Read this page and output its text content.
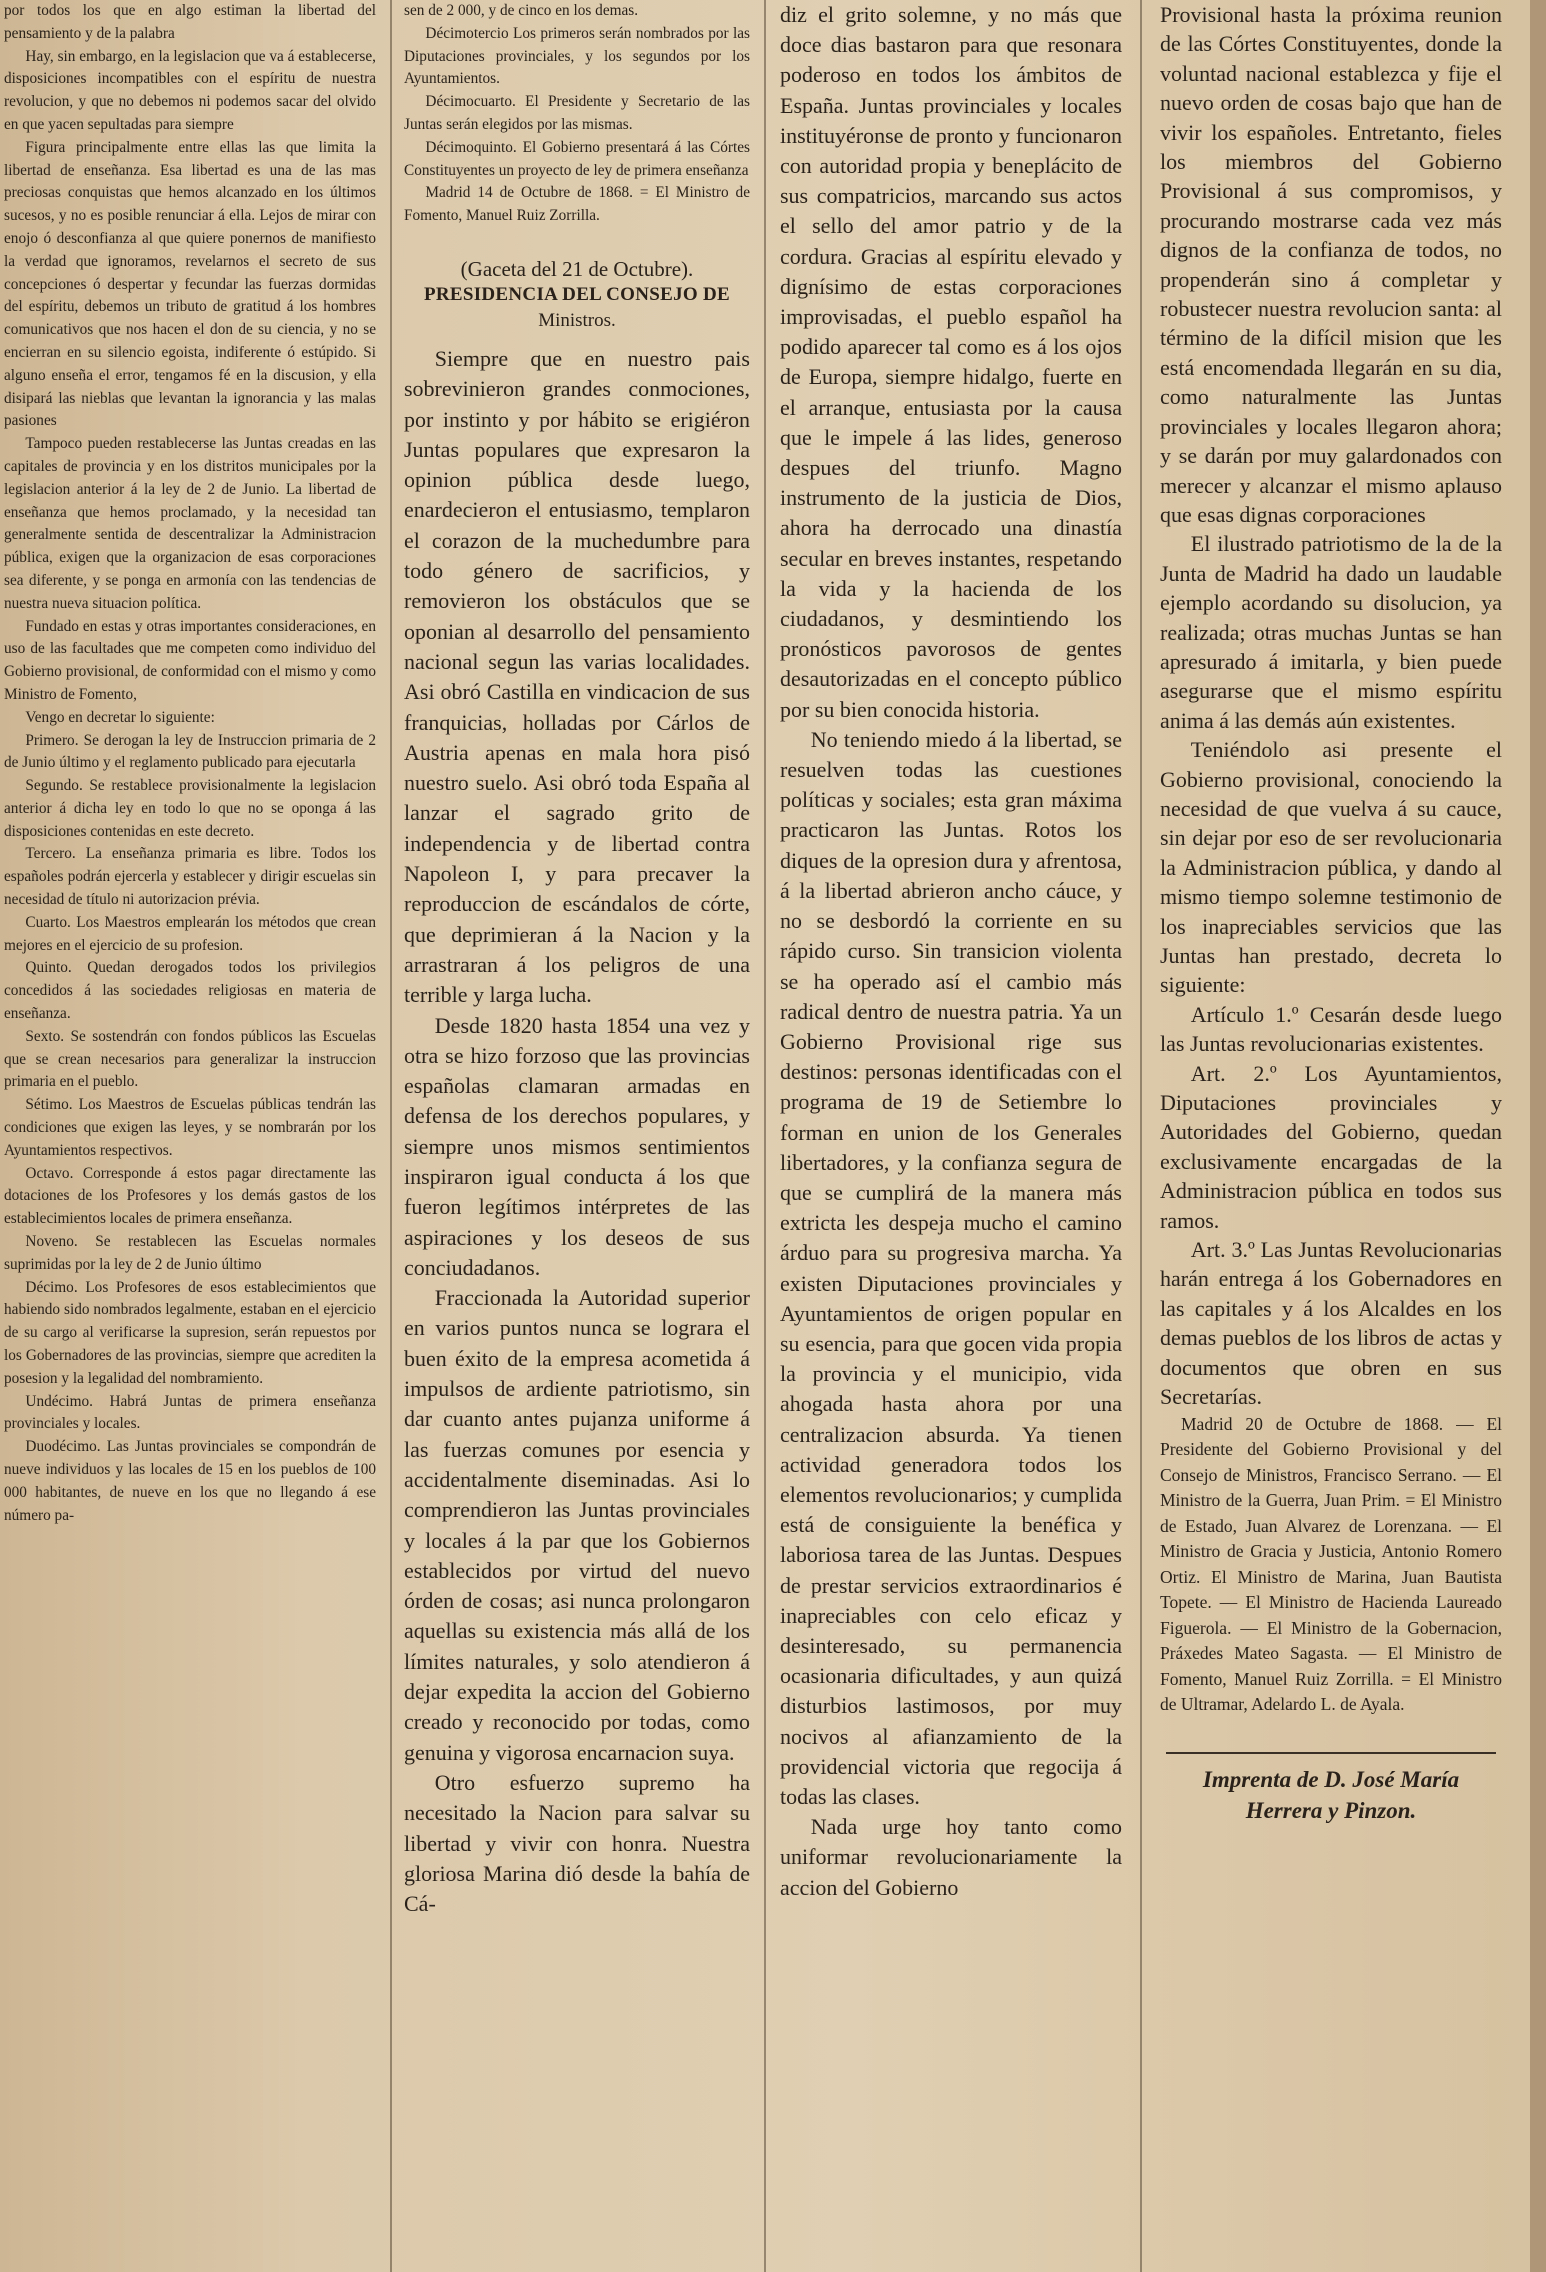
por todos los que en algo estiman la libertad del pensamiento y de la palabra

Hay, sin embargo, en la legislacion que va á establecerse, disposiciones incompatibles con el espíritu de nuestra revolucion, y que no debemos ni podemos sacar del olvido en que yacen sepultadas para siempre

Figura principalmente entre ellas las que limita la libertad de enseñanza. Esa libertad es una de las mas preciosas conquistas que hemos alcanzado en los últimos sucesos, y no es posible renunciar á ella. Lejos de mirar con enojo ó desconfianza al que quiere ponernos de manifiesto la verdad que ignoramos, revelarnos el secreto de sus concepciones ó despertar y fecundar las fuerzas dormidas del espíritu, debemos un tributo de gratitud á los hombres comunicativos que nos hacen el don de su ciencia, y no se encierran en su silencio egoista, indiferente ó estúpido. Si alguno enseña el error, tengamos fé en la discusion, y ella disipará las nieblas que levantan la ignorancia y las malas pasiones

Tampoco pueden restablecerse las Juntas creadas en las capitales de provincia y en los distritos municipales por la legislacion anterior á la ley de 2 de Junio. La libertad de enseñanza que hemos proclamado, y la necesidad tan generalmente sentida de descentralizar la Administracion pública, exigen que la organizacion de esas corporaciones sea diferente, y se ponga en armonía con las tendencias de nuestra nueva situacion política.

Fundado en estas y otras importantes consideraciones, en uso de las facultades que me competen como individuo del Gobierno provisional, de conformidad con el mismo y como Ministro de Fomento,

Vengo en decretar lo siguiente:

Primero. Se derogan la ley de Instruccion primaria de 2 de Junio último y el reglamento publicado para ejecutarla

Segundo. Se restablece provisionalmente la legislacion anterior á dicha ley en todo lo que no se oponga á las disposiciones contenidas en este decreto.

Tercero. La enseñanza primaria es libre. Todos los españoles podrán ejercerla y establecer y dirigir escuelas sin necesidad de título ni autorizacion prévia.

Cuarto. Los Maestros emplearán los métodos que crean mejores en el ejercicio de su profesion.

Quinto. Quedan derogados todos los privilegios concedidos á las sociedades religiosas en materia de enseñanza.

Sexto. Se sostendrán con fondos públicos las Escuelas que se crean necesarios para generalizar la instruccion primaria en el pueblo.

Sétimo. Los Maestros de Escuelas públicas tendrán las condiciones que exigen las leyes, y se nombrarán por los Ayuntamientos respectivos.

Octavo. Corresponde á estos pagar directamente las dotaciones de los Profesores y los demás gastos de los establecimientos locales de primera enseñanza.

Noveno. Se restablecen las Escuelas normales suprimidas por la ley de 2 de Junio último

Décimo. Los Profesores de esos establecimientos que habiendo sido nombrados legalmente, estaban en el ejercicio de su cargo al verificarse la supresion, serán repuestos por los Gobernadores de las provincias, siempre que acrediten la posesion y la legalidad del nombramiento.

Undécimo. Habrá Juntas de primera enseñanza provinciales y locales.

Duodécimo. Las Juntas provinciales se compondrán de nueve individuos y las locales de 15 en los pueblos de 100 000 habitantes, de nueve en los que no llegando á ese número pa-

sen de 2 000, y de cinco en los demas.

Décimotercio Los primeros serán nombrados por las Diputaciones provinciales, y los segundos por los Ayuntamientos.

Décimocuarto. El Presidente y Secretario de las Juntas serán elegidos por las mismas.

Décimoquinto. El Gobierno presentará á las Córtes Constituyentes un proyecto de ley de primera enseñanza

Madrid 14 de Octubre de 1868. = El Ministro de Fomento, Manuel Ruiz Zorrilla.

(Gaceta del 21 de Octubre).

PRESIDENCIA DEL CONSEJO DE

Ministros.

Siempre que en nuestro pais sobrevinieron grandes conmociones, por instinto y por hábito se erigiéron Juntas populares que expresaron la opinion pública desde luego, enardecieron el entusiasmo, templaron el corazon de la muchedumbre para todo género de sacrificios, y removieron los obstáculos que se oponian al desarrollo del pensamiento nacional segun las varias localidades. Asi obró Castilla en vindicacion de sus franquicias, holladas por Cárlos de Austria apenas en mala hora pisó nuestro suelo. Asi obró toda España al lanzar el sagrado grito de independencia y de libertad contra Napoleon I, y para precaver la reproduccion de escándalos de córte, que deprimieran á la Nacion y la arrastraran á los peligros de una terrible y larga lucha.

Desde 1820 hasta 1854 una vez y otra se hizo forzoso que las provincias españolas clamaran armadas en defensa de los derechos populares, y siempre unos mismos sentimientos inspiraron igual conducta á los que fueron legítimos intérpretes de las aspiraciones y los deseos de sus conciudadanos.

Fraccionada la Autoridad superior en varios puntos nunca se lograra el buen éxito de la empresa acometida á impulsos de ardiente patriotismo, sin dar cuanto antes pujanza uniforme á las fuerzas comunes por esencia y accidentalmente diseminadas. Asi lo comprendieron las Juntas provinciales y locales á la par que los Gobiernos establecidos por virtud del nuevo órden de cosas; asi nunca prolongaron aquellas su existencia más allá de los límites naturales, y solo atendieron á dejar expedita la accion del Gobierno creado y reconocido por todas, como genuina y vigorosa encarnacion suya.

Otro esfuerzo supremo ha necesitado la Nacion para salvar su libertad y vivir con honra. Nuestra gloriosa Marina dió desde la bahía de Cá-

diz el grito solemne, y no más que doce dias bastaron para que resonara poderoso en todos los ámbitos de España. Juntas provinciales y locales instituyéronse de pronto y funcionaron con autoridad propia y beneplácito de sus compatricios, marcando sus actos el sello del amor patrio y de la cordura. Gracias al espíritu elevado y dignísimo de estas corporaciones improvisadas, el pueblo español ha podido aparecer tal como es á los ojos de Europa, siempre hidalgo, fuerte en el arranque, entusiasta por la causa que le impele á las lides, generoso despues del triunfo. Magno instrumento de la justicia de Dios, ahora ha derrocado una dinastía secular en breves instantes, respetando la vida y la hacienda de los ciudadanos, y desmintiendo los pronósticos pavorosos de gentes desautorizadas en el concepto público por su bien conocida historia.

No teniendo miedo á la libertad, se resuelven todas las cuestiones políticas y sociales; esta gran máxima practicaron las Juntas. Rotos los diques de la opresion dura y afrentosa, á la libertad abrieron ancho cáuce, y no se desbordó la corriente en su rápido curso. Sin transicion violenta se ha operado así el cambio más radical dentro de nuestra patria. Ya un Gobierno Provisional rige sus destinos: personas identificadas con el programa de 19 de Setiembre lo forman en union de los Generales libertadores, y la confianza segura de que se cumplirá de la manera más extricta les despeja mucho el camino árduo para su progresiva marcha. Ya existen Diputaciones provinciales y Ayuntamientos de origen popular en su esencia, para que gocen vida propia la provincia y el municipio, vida ahogada hasta ahora por una centralizacion absurda. Ya tienen actividad generadora todos los elementos revolucionarios; y cumplida está de consiguiente la benéfica y laboriosa tarea de las Juntas. Despues de prestar servicios extraordinarios é inapreciables con celo eficaz y desinteresado, su permanencia ocasionaria dificultades, y aun quizá disturbios lastimosos, por muy nocivos al afianzamiento de la providencial victoria que regocija á todas las clases.

Nada urge hoy tanto como uniformar revolucionariamente la accion del Gobierno

Provisional hasta la próxima reunion de las Córtes Constituyentes, donde la voluntad nacional establezca y fije el nuevo orden de cosas bajo que han de vivir los españoles. Entretanto, fieles los miembros del Gobierno Provisional á sus compromisos, y procurando mostrarse cada vez más dignos de la confianza de todos, no propenderán sino á completar y robustecer nuestra revolucion santa: al término de la difícil mision que les está encomendada llegarán en su dia, como naturalmente las Juntas provinciales y locales llegaron ahora; y se darán por muy galardonados con merecer y alcanzar el mismo aplauso que esas dignas corporaciones

El ilustrado patriotismo de la de la Junta de Madrid ha dado un laudable ejemplo acordando su disolucion, ya realizada; otras muchas Juntas se han apresurado á imitarla, y bien puede asegurarse que el mismo espíritu anima á las demás aún existentes.

Teniéndolo asi presente el Gobierno provisional, conociendo la necesidad de que vuelva á su cauce, sin dejar por eso de ser revolucionaria la Administracion pública, y dando al mismo tiempo solemne testimonio de los inapreciables servicios que las Juntas han prestado, decreta lo siguiente:

Artículo 1.º Cesarán desde luego las Juntas revolucionarias existentes.

Art. 2.º Los Ayuntamientos, Diputaciones provinciales y Autoridades del Gobierno, quedan exclusivamente encargadas de la Administracion pública en todos sus ramos.

Art. 3.º Las Juntas Revolucionarias harán entrega á los Gobernadores en las capitales y á los Alcaldes en los demas pueblos de los libros de actas y documentos que obren en sus Secretarías.

Madrid 20 de Octubre de 1868. — El Presidente del Gobierno Provisional y del Consejo de Ministros, Francisco Serrano. — El Ministro de la Guerra, Juan Prim. = El Ministro de Estado, Juan Alvarez de Lorenzana. — El Ministro de Gracia y Justicia, Antonio Romero Ortiz. El Ministro de Marina, Juan Bautista Topete. — El Ministro de Hacienda Laureado Figuerola. — El Ministro de la Gobernacion, Práxedes Mateo Sagasta. — El Ministro de Fomento, Manuel Ruiz Zorrilla. = El Ministro de Ultramar, Adelardo L. de Ayala.

Imprenta de D. José María
Herrera y Pinzon.
